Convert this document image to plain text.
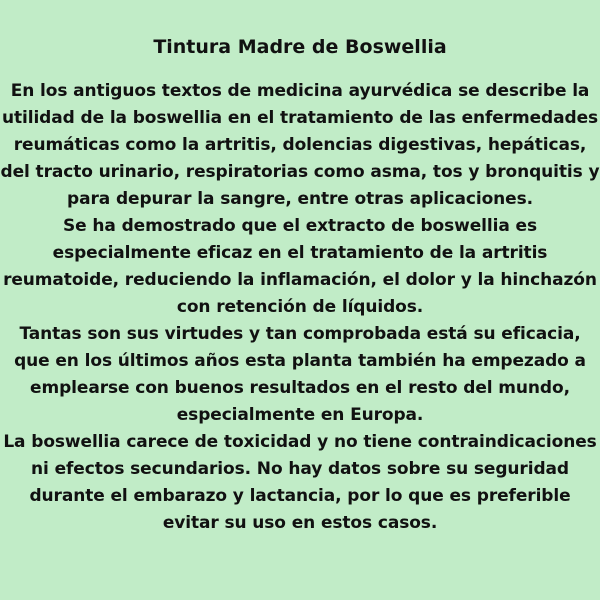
Tintura Madre de Boswellia

En los antiguos textos de medicina ayurvédica se describe la utilidad de la boswellia en el tratamiento de las enfermedades reumáticas como la artritis, dolencias digestivas, hepáticas, del tracto urinario, respiratorias como asma, tos y bronquitis y para depurar la sangre, entre otras aplicaciones.

Se ha demostrado que el extracto de boswellia es especialmente eficaz en el tratamiento de la artritis reumatoide, reduciendo la inflamación, el dolor y la hinchazón con retención de líquidos.

Tantas son sus virtudes y tan comprobada está su eficacia, que en los últimos años esta planta también ha empezado a emplearse con buenos resultados en el resto del mundo, especialmente en Europa.

La boswellia carece de toxicidad y no tiene contraindicaciones ni efectos secundarios. No hay datos sobre su seguridad durante el embarazo y lactancia, por lo que es preferible evitar su uso en estos casos.
